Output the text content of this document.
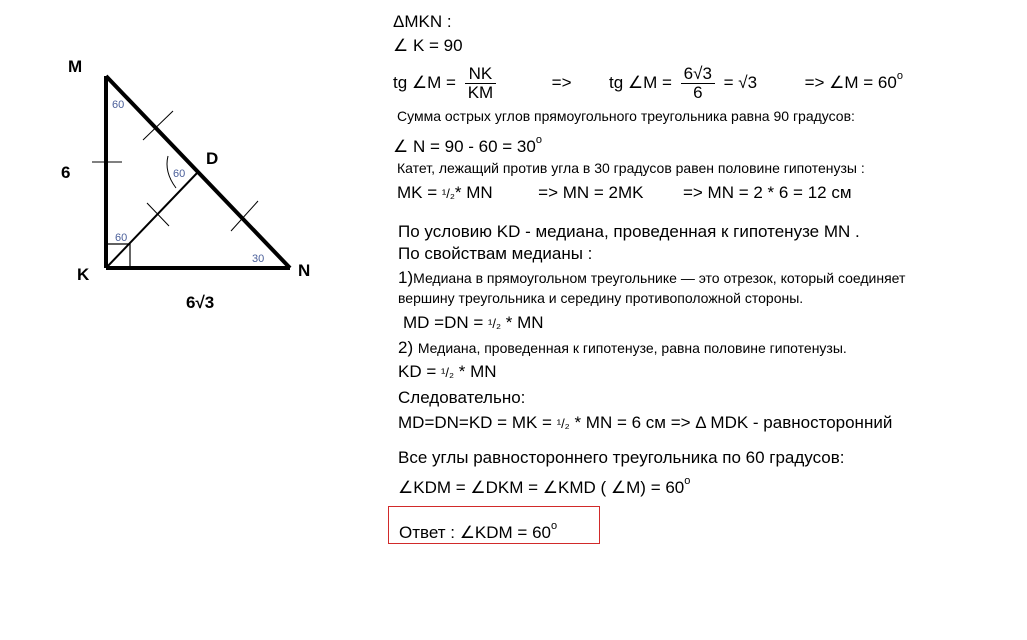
M
K	N
D
6
6√3
60
60
60
30
ΔMKN :
∠ K = 90
tg ∠M = $\frac{NK}{KM}$	=> tg ∠M = $\frac{6√3}{6} = √3$	=> ∠M = $60^o$
Сумма острых углов прямоугольного треугольника равна 90 градусов:
∠ $N = 90 - 60 = 30^o$
Катет, лежащий против угла в 30 градусов равен половине гипотенузы :
MK = ¹/₂* MN	=> MN = 2MK => MN = 2 * 6 = 12 см
По условию KD - медиана, проведенная к гипотенузе MN .
По свойствам медианы :
1)Медиана в прямоугольном треугольнике — это отрезок, который соединяет
вершину треугольника и середину противоположной стороны.
MD =DN = ¹/₂ * MN
2) Медиана, проведенная к гипотенузе, равна половине гипотенузы.
KD = ¹/₂ * MN
Следовательно:
MD=DN=KD = MK = ¹/₂ * MN = 6 см => Δ MDK - равносторонний
Все углы равностороннего треугольника по 60 градусов:
∠KDM = ∠DKM = ∠KMD ( ∠M) = $60^o$
Ответ : ∠KDM = $60^o$
